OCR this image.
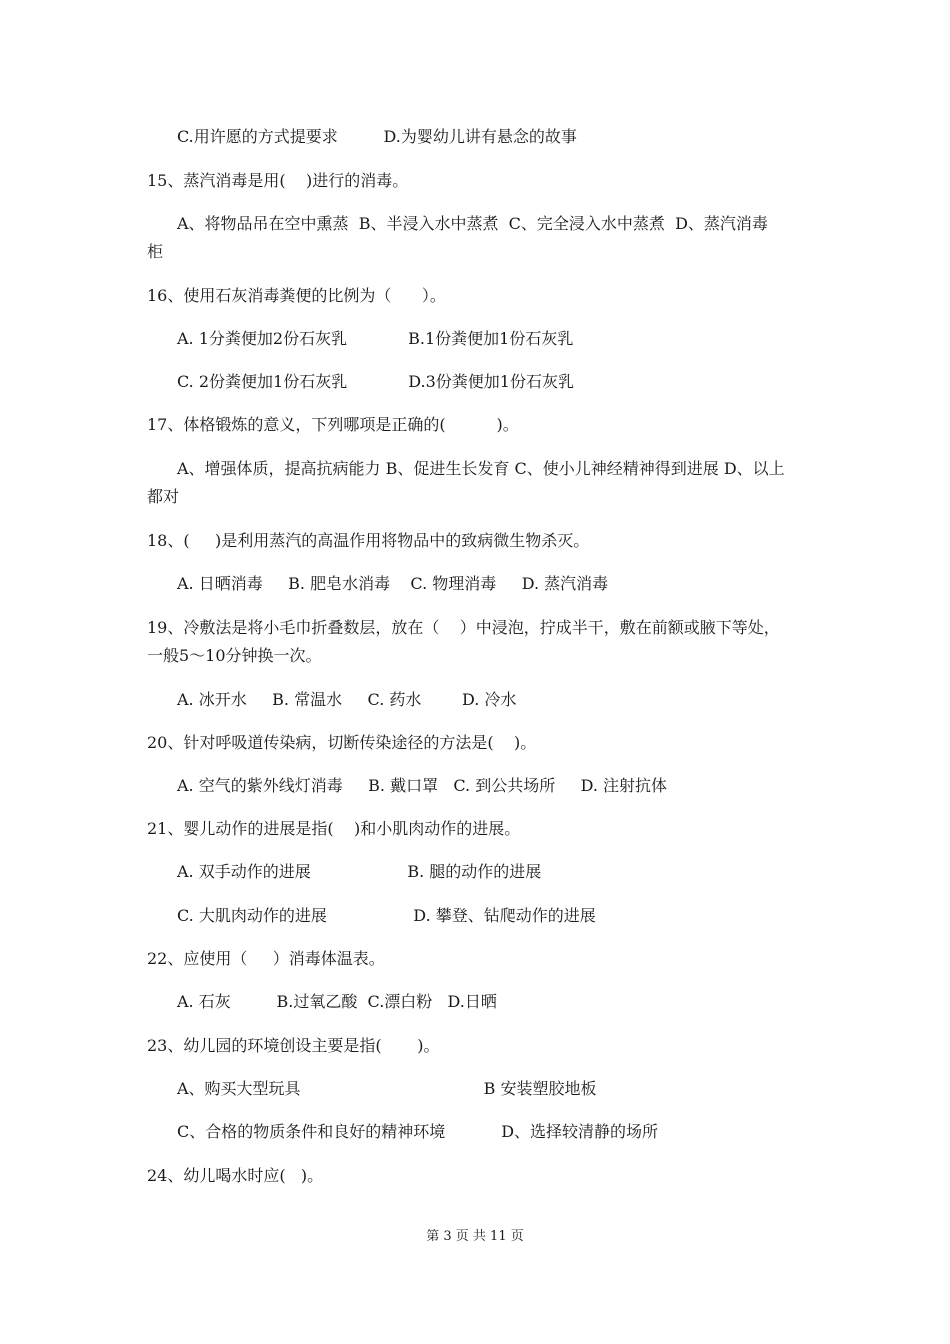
C.用许愿的方式提要求         D.为婴幼儿讲有悬念的故事
15、蒸汽消毒是用(    )进行的消毒。
A、将物品吊在空中熏蒸  B、半浸入水中蒸煮  C、完全浸入水中蒸煮  D、蒸汽消毒
柜
16、使用石灰消毒粪便的比例为（      ）。
A. 1分粪便加2份石灰乳            B.1份粪便加1份石灰乳
C. 2份粪便加1份石灰乳            D.3份粪便加1份石灰乳
17、体格锻炼的意义，下列哪项是正确的(          )。
A、增强体质，提高抗病能力 B、促进生长发育 C、使小儿神经精神得到进展 D、以上
都对
18、(     )是利用蒸汽的高温作用将物品中的致病微生物杀灭。
A. 日晒消毒     B. 肥皂水消毒    C. 物理消毒     D. 蒸汽消毒
19、冷敷法是将小毛巾折叠数层，放在（    ）中浸泡，拧成半干，敷在前额或腋下等处，
一般5～10分钟换一次。
A. 冰开水     B. 常温水     C. 药水        D. 冷水
20、针对呼吸道传染病，切断传染途径的方法是(    )。
A. 空气的紫外线灯消毒     B. 戴口罩   C. 到公共场所     D. 注射抗体
21、婴儿动作的进展是指(    )和小肌肉动作的进展。
A. 双手动作的进展                   B. 腿的动作的进展
C. 大肌肉动作的进展                 D. 攀登、钻爬动作的进展
22、应使用（     ）消毒体温表。
A. 石灰         B.过氧乙酸  C.漂白粉   D.日晒
23、幼儿园的环境创设主要是指(       )。
A、购买大型玩具                                    B 安装塑胶地板
C、合格的物质条件和良好的精神环境           D、选择较清静的场所
24、幼儿喝水时应(   )。
第 3 页 共 11 页
